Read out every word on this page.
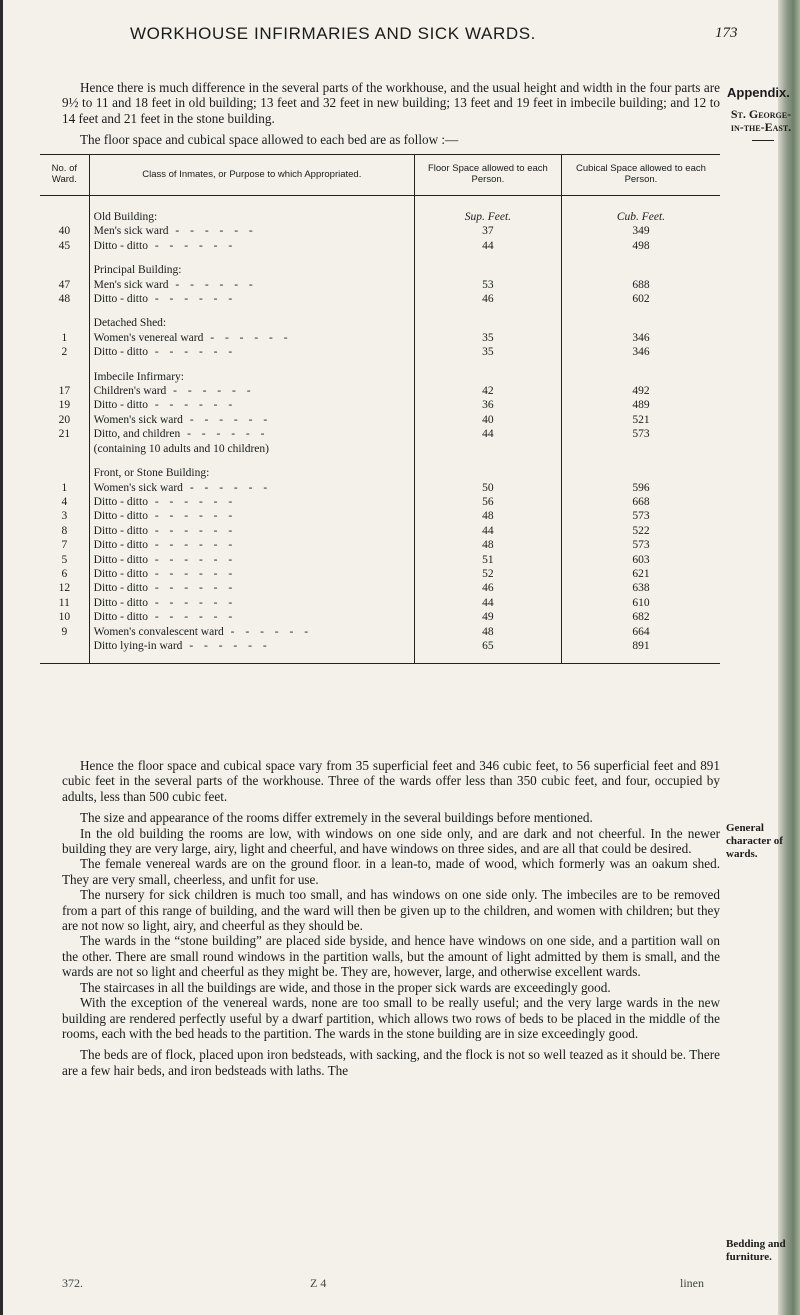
WORKHOUSE INFIRMARIES AND SICK WARDS.	173
Appendix.
St. George-in-the-East.

Hence there is much difference in the several parts of the workhouse, and the usual height and width in the four parts are 9½ to 11 and 18 feet in old building; 13 feet and 32 feet in new building; 13 feet and 19 feet in imbecile building; and 12 to 14 feet and 21 feet in the stone building.

The floor space and cubical space allowed to each bed are as follow :—

No. of Ward.	Class of Inmates, or Purpose to which Appropriated.	Floor Space allowed to each Person.	Cubical Space allowed to each Person.
	Old Building:	Sup. Feet.	Cub. Feet.
40	Men's sick ward - - - - - -	37	349
45	Ditto - ditto - - - - - -	44	498
	Principal Building:		
47	Men's sick ward - - - - - -	53	688
48	Ditto - ditto - - - - - -	46	602
	Detached Shed:		
1	Women's venereal ward - - - - - -	35	346
2	Ditto - ditto - - - - - -	35	346
	Imbecile Infirmary:		
17	Children's ward - - - - - -	42	492
19	Ditto - ditto - - - - - -	36	489
20	Women's sick ward - - - - - -	40	521
21	Ditto, and children - - - - - -	44	573
	(containing 10 adults and 10 children)		
	Front, or Stone Building:		
1	Women's sick ward - - - - - -	50	596
4	Ditto - ditto - - - - - -	56	668
3	Ditto - ditto - - - - - -	48	573
8	Ditto - ditto - - - - - -	44	522
7	Ditto - ditto - - - - - -	48	573
5	Ditto - ditto - - - - - -	51	603
6	Ditto - ditto - - - - - -	52	621
12	Ditto - ditto - - - - - -	46	638
11	Ditto - ditto - - - - - -	44	610
10	Ditto - ditto - - - - - -	49	682
9	Women's convalescent ward - - - - - -	48	664
	Ditto lying-in ward - - - - - -	65	891

Hence the floor space and cubical space vary from 35 superficial feet and 346 cubic feet, to 56 superficial feet and 891 cubic feet in the several parts of the workhouse. Three of the wards offer less than 350 cubic feet, and four, occupied by adults, less than 500 cubic feet.

The size and appearance of the rooms differ extremely in the several buildings before mentioned.

In the old building the rooms are low, with windows on one side only, and are dark and not cheerful. In the newer building they are very large, airy, light and cheerful, and have windows on three sides, and are all that could be desired.

The female venereal wards are on the ground floor. in a lean-to, made of wood, which formerly was an oakum shed. They are very small, cheerless, and unfit for use.

The nursery for sick children is much too small, and has windows on one side only. The imbeciles are to be removed from a part of this range of building, and the ward will then be given up to the children, and women with children; but they are not now so light, airy, and cheerful as they should be.

The wards in the “stone building” are placed side byside, and hence have windows on one side, and a partition wall on the other. There are small round windows in the partition walls, but the amount of light admitted by them is small, and the wards are not so light and cheerful as they might be. They are, however, large, and otherwise excellent wards.

The staircases in all the buildings are wide, and those in the proper sick wards are exceedingly good.

With the exception of the venereal wards, none are too small to be really useful; and the very large wards in the new building are rendered perfectly useful by a dwarf partition, which allows two rows of beds to be placed in the middle of the rooms, each with the bed heads to the partition. The wards in the stone building are in size exceedingly good.

The beds are of flock, placed upon iron bedsteads, with sacking, and the flock is not so well teazed as it should be. There are a few hair beds, and iron bedsteads with laths. The

General character of wards.
Bedding and furniture.
372.	Z 4	linen
